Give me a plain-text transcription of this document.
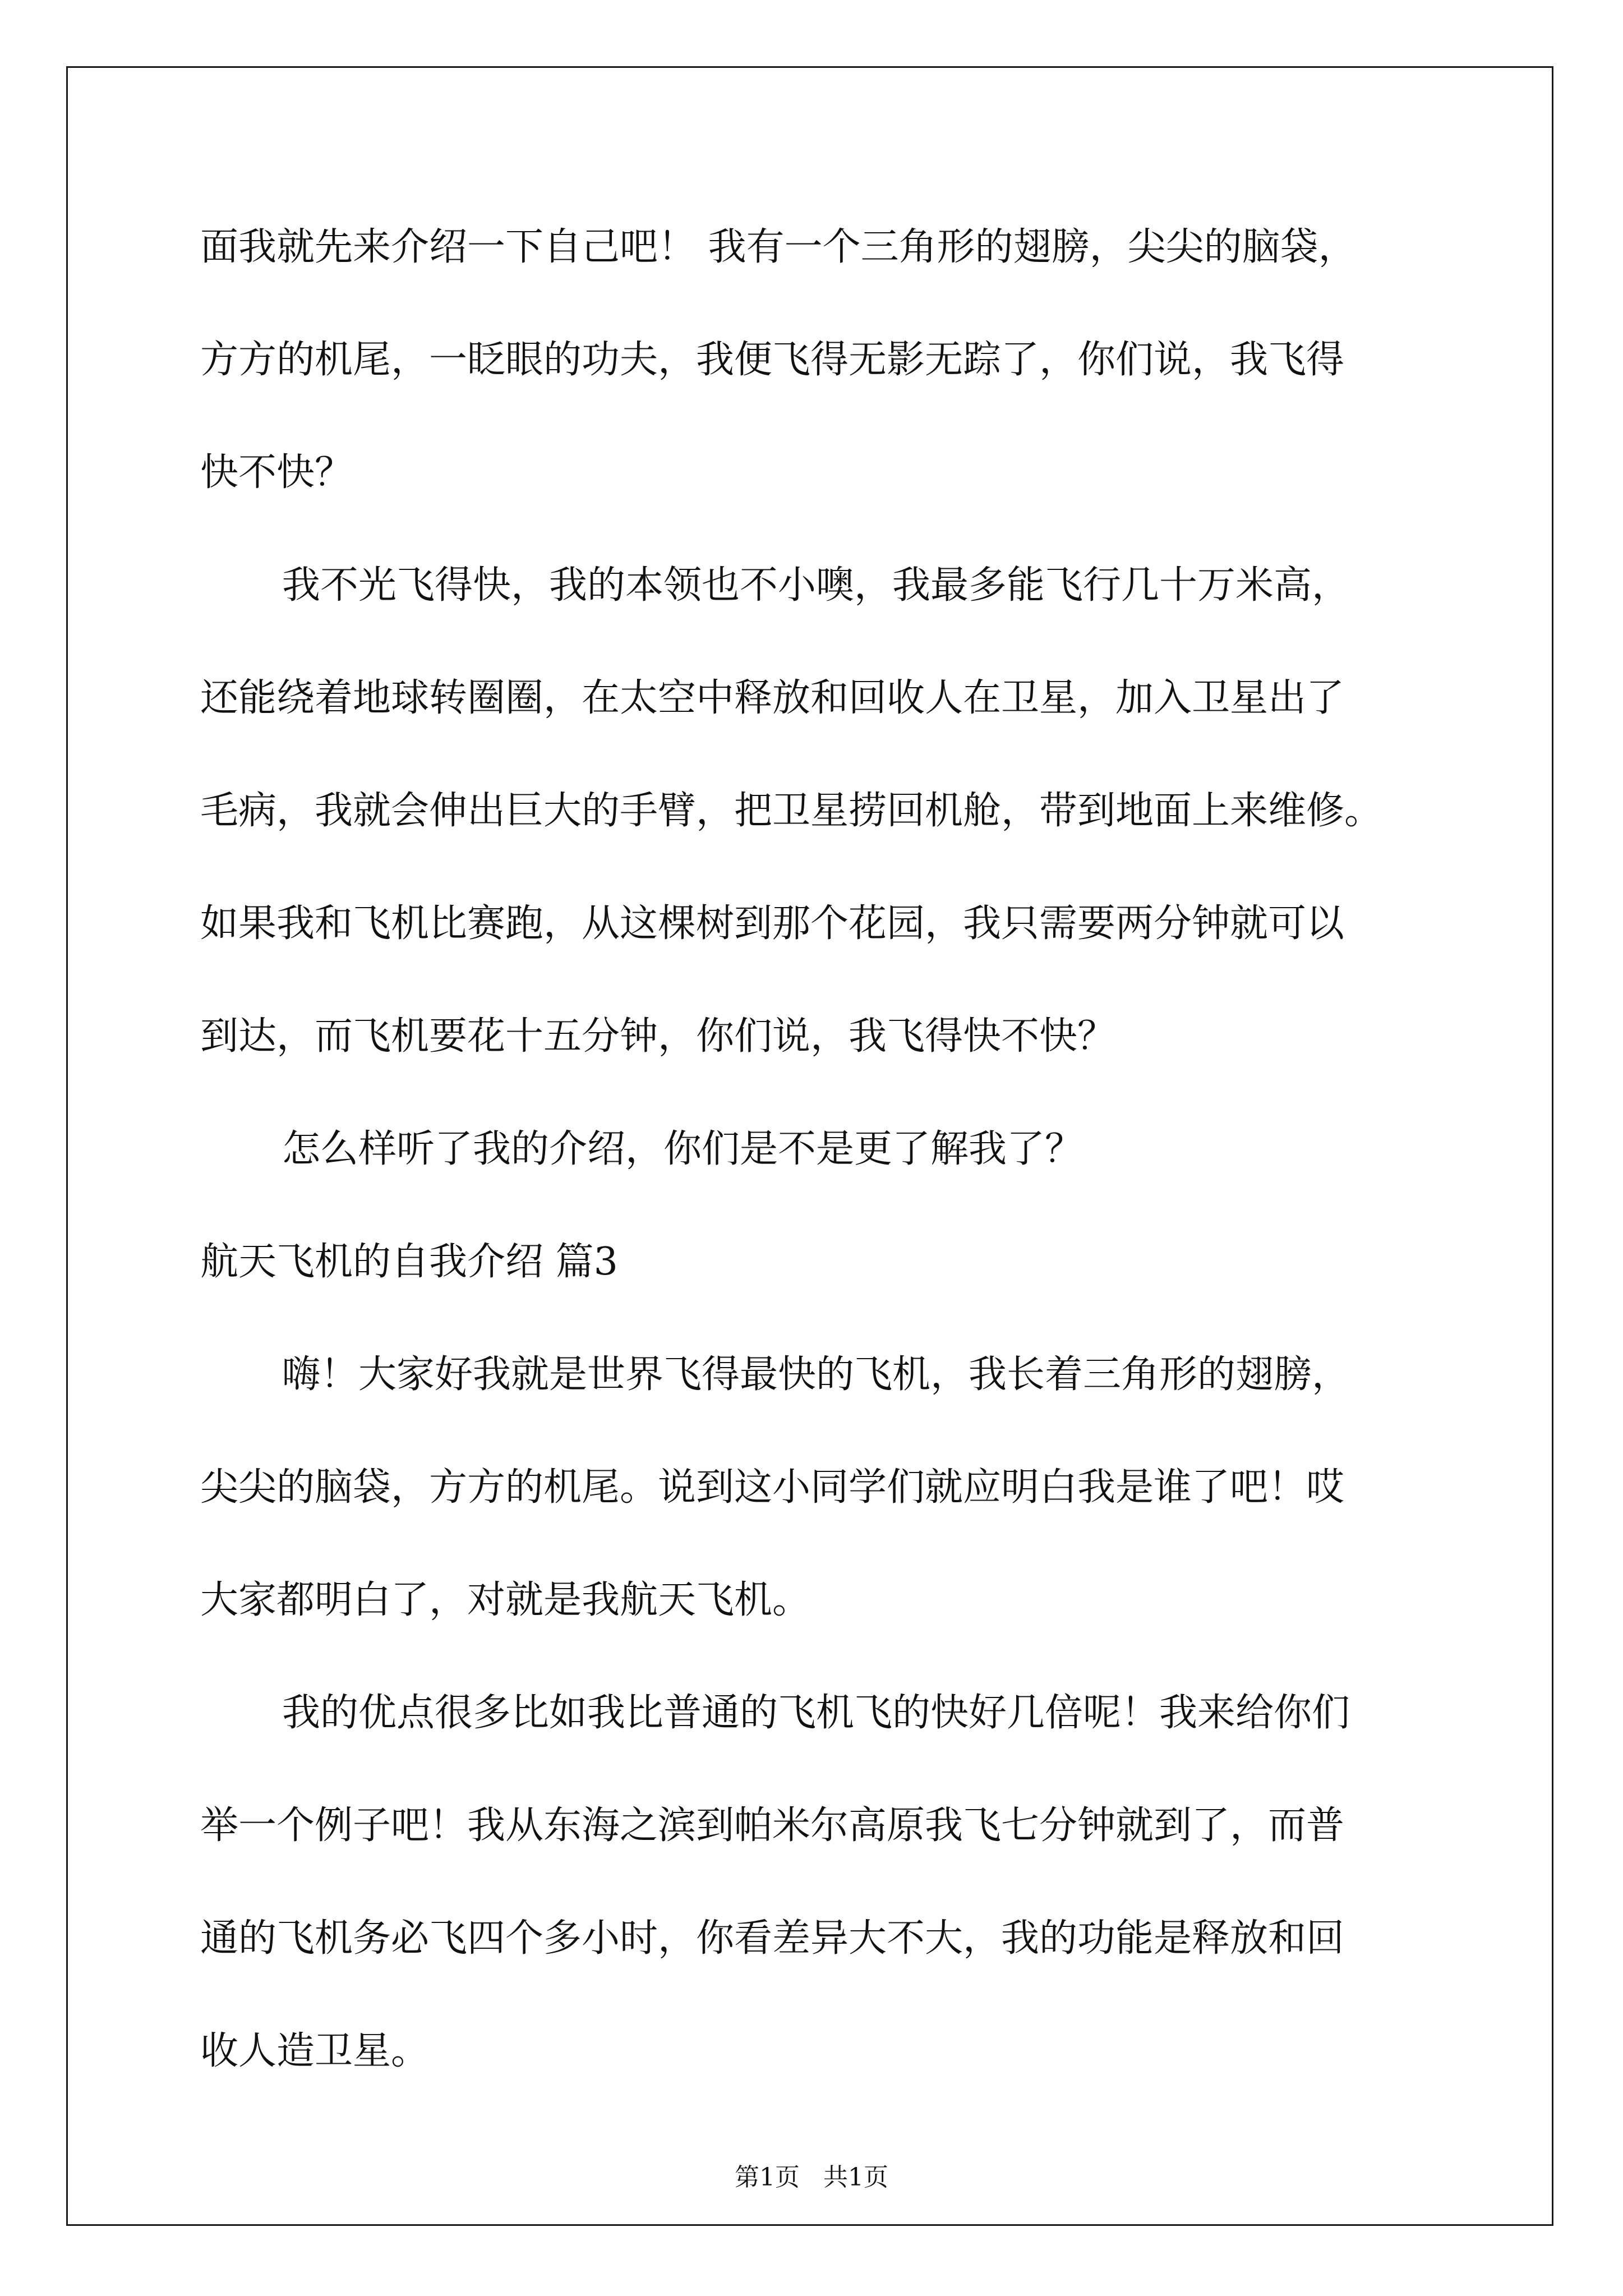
面我就先来介绍一下自己吧！ 我有一个三角形的翅膀，尖尖的脑袋，
方方的机尾，一眨眼的功夫，我便飞得无影无踪了，你们说，我飞得
快不快？
我不光飞得快，我的本领也不小噢，我最多能飞行几十万米高，
还能绕着地球转圈圈，在太空中释放和回收人在卫星，加入卫星出了
毛病，我就会伸出巨大的手臂，把卫星捞回机舱，带到地面上来维修。
如果我和飞机比赛跑，从这棵树到那个花园，我只需要两分钟就可以
到达，而飞机要花十五分钟，你们说，我飞得快不快？
怎么样听了我的介绍，你们是不是更了解我了？
航天飞机的自我介绍 篇3
嗨！大家好我就是世界飞得最快的飞机，我长着三角形的翅膀，
尖尖的脑袋，方方的机尾。说到这小同学们就应明白我是谁了吧！哎
大家都明白了，对就是我航天飞机。
我的优点很多比如我比普通的飞机飞的快好几倍呢！我来给你们
举一个例子吧！我从东海之滨到帕米尔高原我飞七分钟就到了，而普
通的飞机务必飞四个多小时，你看差异大不大，我的功能是释放和回
收人造卫星。
第1页   共1页
